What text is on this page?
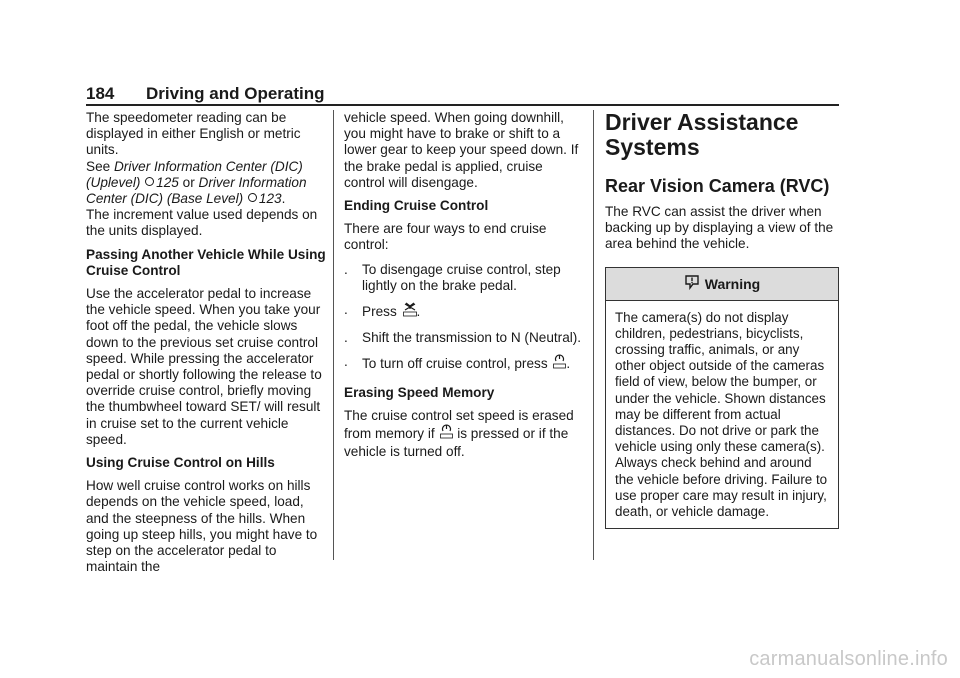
184 Driving and Operating

The speedometer reading can be displayed in either English or metric units.

See Driver Information Center (DIC) (Uplevel) 125 or Driver Information Center (DIC) (Base Level) 123.

The increment value used depends on the units displayed.

Passing Another Vehicle While Using Cruise Control

Use the accelerator pedal to increase the vehicle speed. When you take your foot off the pedal, the vehicle slows down to the previous set cruise control speed. While pressing the accelerator pedal or shortly following the release to override cruise control, briefly moving the thumbwheel toward SET/ will result in cruise set to the current vehicle speed.

Using Cruise Control on Hills

How well cruise control works on hills depends on the vehicle speed, load, and the steepness of the hills. When going up steep hills, you might have to step on the accelerator pedal to maintain the

vehicle speed. When going downhill, you might have to brake or shift to a lower gear to keep your speed down. If the brake pedal is applied, cruise control will disengage.

Ending Cruise Control

There are four ways to end cruise control:

. To disengage cruise control, step lightly on the brake pedal.
. Press .
. Shift the transmission to N (Neutral).
. To turn off cruise control, press .

Erasing Speed Memory

The cruise control set speed is erased from memory if  is pressed or if the vehicle is turned off.

Driver Assistance Systems

Rear Vision Camera (RVC)

The RVC can assist the driver when backing up by displaying a view of the area behind the vehicle.

Warning
The camera(s) do not display children, pedestrians, bicyclists, crossing traffic, animals, or any other object outside of the cameras field of view, below the bumper, or under the vehicle. Shown distances may be different from actual distances. Do not drive or park the vehicle using only these camera(s). Always check behind and around the vehicle before driving. Failure to use proper care may result in injury, death, or vehicle damage.
carmanualsonline.info
